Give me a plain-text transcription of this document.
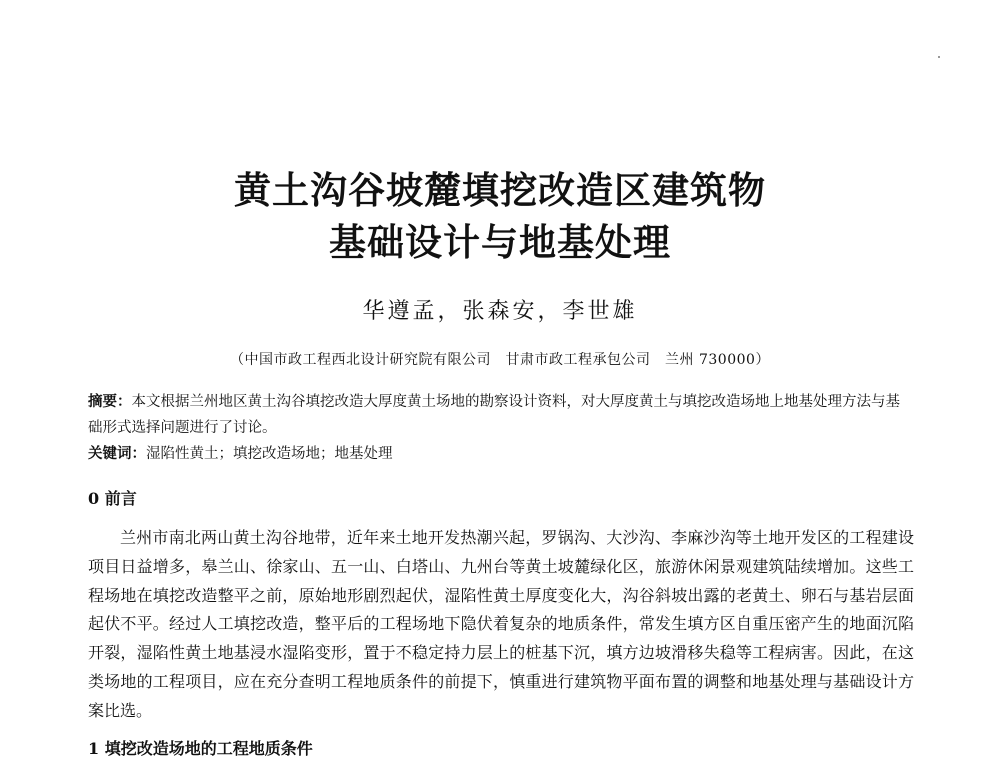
黄土沟谷坡麓填挖改造区建筑物
基础设计与地基处理
华遵孟，张森安，李世雄
（中国市政工程西北设计研究院有限公司　甘肃市政工程承包公司　兰州 730000）
摘要：本文根据兰州地区黄土沟谷填挖改造大厚度黄土场地的勘察设计资料，对大厚度黄土与填挖改造场地上地基处理方法与基础形式选择问题进行了讨论。
关键词：湿陷性黄土；填挖改造场地；地基处理
0 前言
兰州市南北两山黄土沟谷地带，近年来土地开发热潮兴起，罗锅沟、大沙沟、李麻沙沟等土地开发区的工程建设项目日益增多，皋兰山、徐家山、五一山、白塔山、九州台等黄土坡麓绿化区，旅游休闲景观建筑陆续增加。这些工程场地在填挖改造整平之前，原始地形剧烈起伏，湿陷性黄土厚度变化大，沟谷斜坡出露的老黄土、卵石与基岩层面起伏不平。经过人工填挖改造，整平后的工程场地下隐伏着复杂的地质条件，常发生填方区自重压密产生的地面沉陷开裂，湿陷性黄土地基浸水湿陷变形，置于不稳定持力层上的桩基下沉，填方边坡滑移失稳等工程病害。因此，在这类场地的工程项目，应在充分查明工程地质条件的前提下，慎重进行建筑物平面布置的调整和地基处理与基础设计方案比选。
1 填挖改造场地的工程地质条件
